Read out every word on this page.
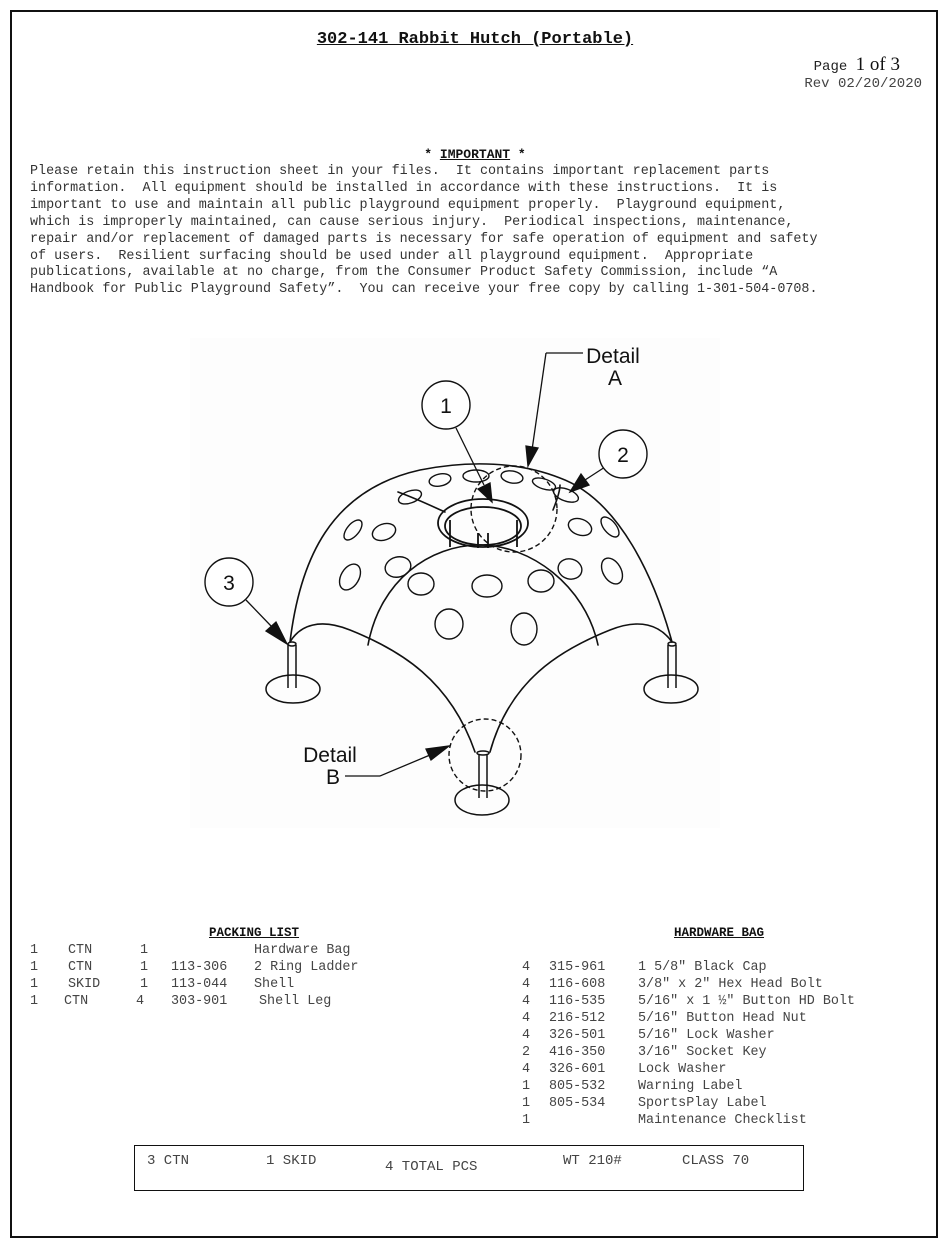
302-141 Rabbit Hutch (Portable)
Page 1 of 3
Rev 02/20/2020
* IMPORTANT *
Please retain this instruction sheet in your files.  It contains important replacement parts
information.  All equipment should be installed in accordance with these instructions.  It is
important to use and maintain all public playground equipment properly.  Playground equipment,
which is improperly maintained, can cause serious injury.  Periodical inspections, maintenance,
repair and/or replacement of damaged parts is necessary for safe operation of equipment and safety
of users.  Resilient surfacing should be used under all playground equipment.  Appropriate
publications, available at no charge, from the Consumer Product Safety Commission, include “A
Handbook for Public Playground Safety”.  You can receive your free copy by calling 1-301-504-0708.
1
2
3
Detail
A
Detail
B
PACKING LIST
1 CTN	1	Hardware Bag
1 CTN	1 113-306 2 Ring Ladder
1 SKID	1 113-044 Shell
1 CTN	4 303-901 Shell Leg
HARDWARE BAG
4 315-961 1 5/8" Black Cap
4 116-608 3/8″ x 2″ Hex Head Bolt
4 116-535 5/16″ x 1 ½″ Button HD Bolt
4 216-512 5/16″ Button Head Nut
4 326-501 5/16″ Lock Washer
2 416-350 3/16″ Socket Key
4 326-601 Lock Washer
1 805-532 Warning Label
1 805-534 SportsPlay Label
1	Maintenance Checklist
3 CTN	1 SKID	4 TOTAL PCS	WT 210#	CLASS 70
